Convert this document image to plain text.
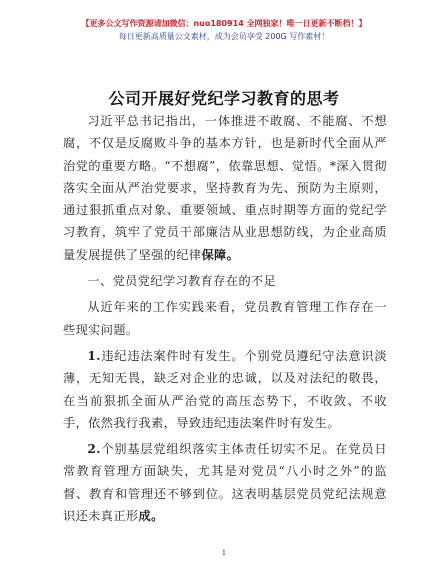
【更多公文写作资源请加微信：nuo180914 全网独家！唯一日更新不断档！】
每日更新高质量公文素材，成为会员享受 200G 写作素材！
公司开展好党纪学习教育的思考

习近平总书记指出，一体推进不敢腐、不能腐、不想腐，不仅是反腐败斗争的基本方针，也是新时代全面从严治党的重要方略。“不想腐”，依靠思想、觉悟。*深入贯彻落实全面从严治党要求，坚持教育为先、预防为主原则，通过狠抓重点对象、重要领域、重点时期等方面的党纪学习教育，筑牢了党员干部廉洁从业思想防线，为企业高质量发展提供了坚强的纪律保障。

一、党员党纪学习教育存在的不足

从近年来的工作实践来看，党员教育管理工作存在一些现实问题。

1.违纪违法案件时有发生。个别党员遵纪守法意识淡薄，无知无畏，缺乏对企业的忠诚，以及对法纪的敬畏，在当前狠抓全面从严治党的高压态势下，不收敛、不收手，依然我行我素，导致违纪违法案件时有发生。

2.个别基层党组织落实主体责任切实不足。在党员日常教育管理方面缺失，尤其是对党员“八小时之外”的监督、教育和管理还不够到位。这表明基层党员党纪法规意识还未真正形成。

1
